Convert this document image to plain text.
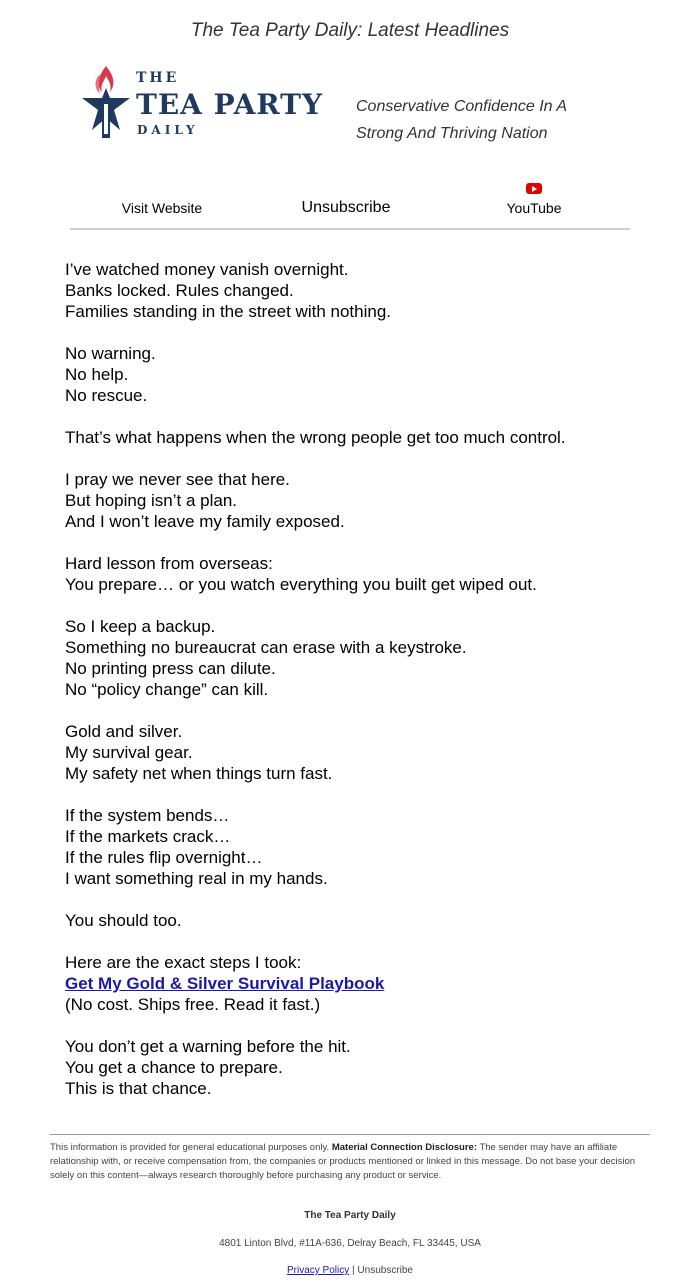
The Tea Party Daily: Latest Headlines
THE
TEA PARTY
DAILY
Conservative Confidence In A
Strong And Thriving Nation
Visit Website	Unsubscribe	YouTube

I’ve watched money vanish overnight.
Banks locked. Rules changed.
Families standing in the street with nothing.

No warning.
No help.
No rescue.

That’s what happens when the wrong people get too much control.

I pray we never see that here.
But hoping isn’t a plan.
And I won’t leave my family exposed.

Hard lesson from overseas:
You prepare… or you watch everything you built get wiped out.

So I keep a backup.
Something no bureaucrat can erase with a keystroke.
No printing press can dilute.
No “policy change” can kill.

Gold and silver.
My survival gear.
My safety net when things turn fast.

If the system bends…
If the markets crack…
If the rules flip overnight…
I want something real in my hands.

You should too.

Here are the exact steps I took:
Get My Gold & Silver Survival Playbook
(No cost. Ships free. Read it fast.)

You don’t get a warning before the hit.
You get a chance to prepare.
This is that chance.

This information is provided for general educational purposes only. Material Connection Disclosure: The sender may have an affiliate relationship with, or receive compensation from, the companies or products mentioned or linked in this message. Do not base your decision solely on this content—always research thoroughly before purchasing any product or service.
The Tea Party Daily
4801 Linton Blvd, #11A-636, Delray Beach, FL 33445, USA
Privacy Policy | Unsubscribe
